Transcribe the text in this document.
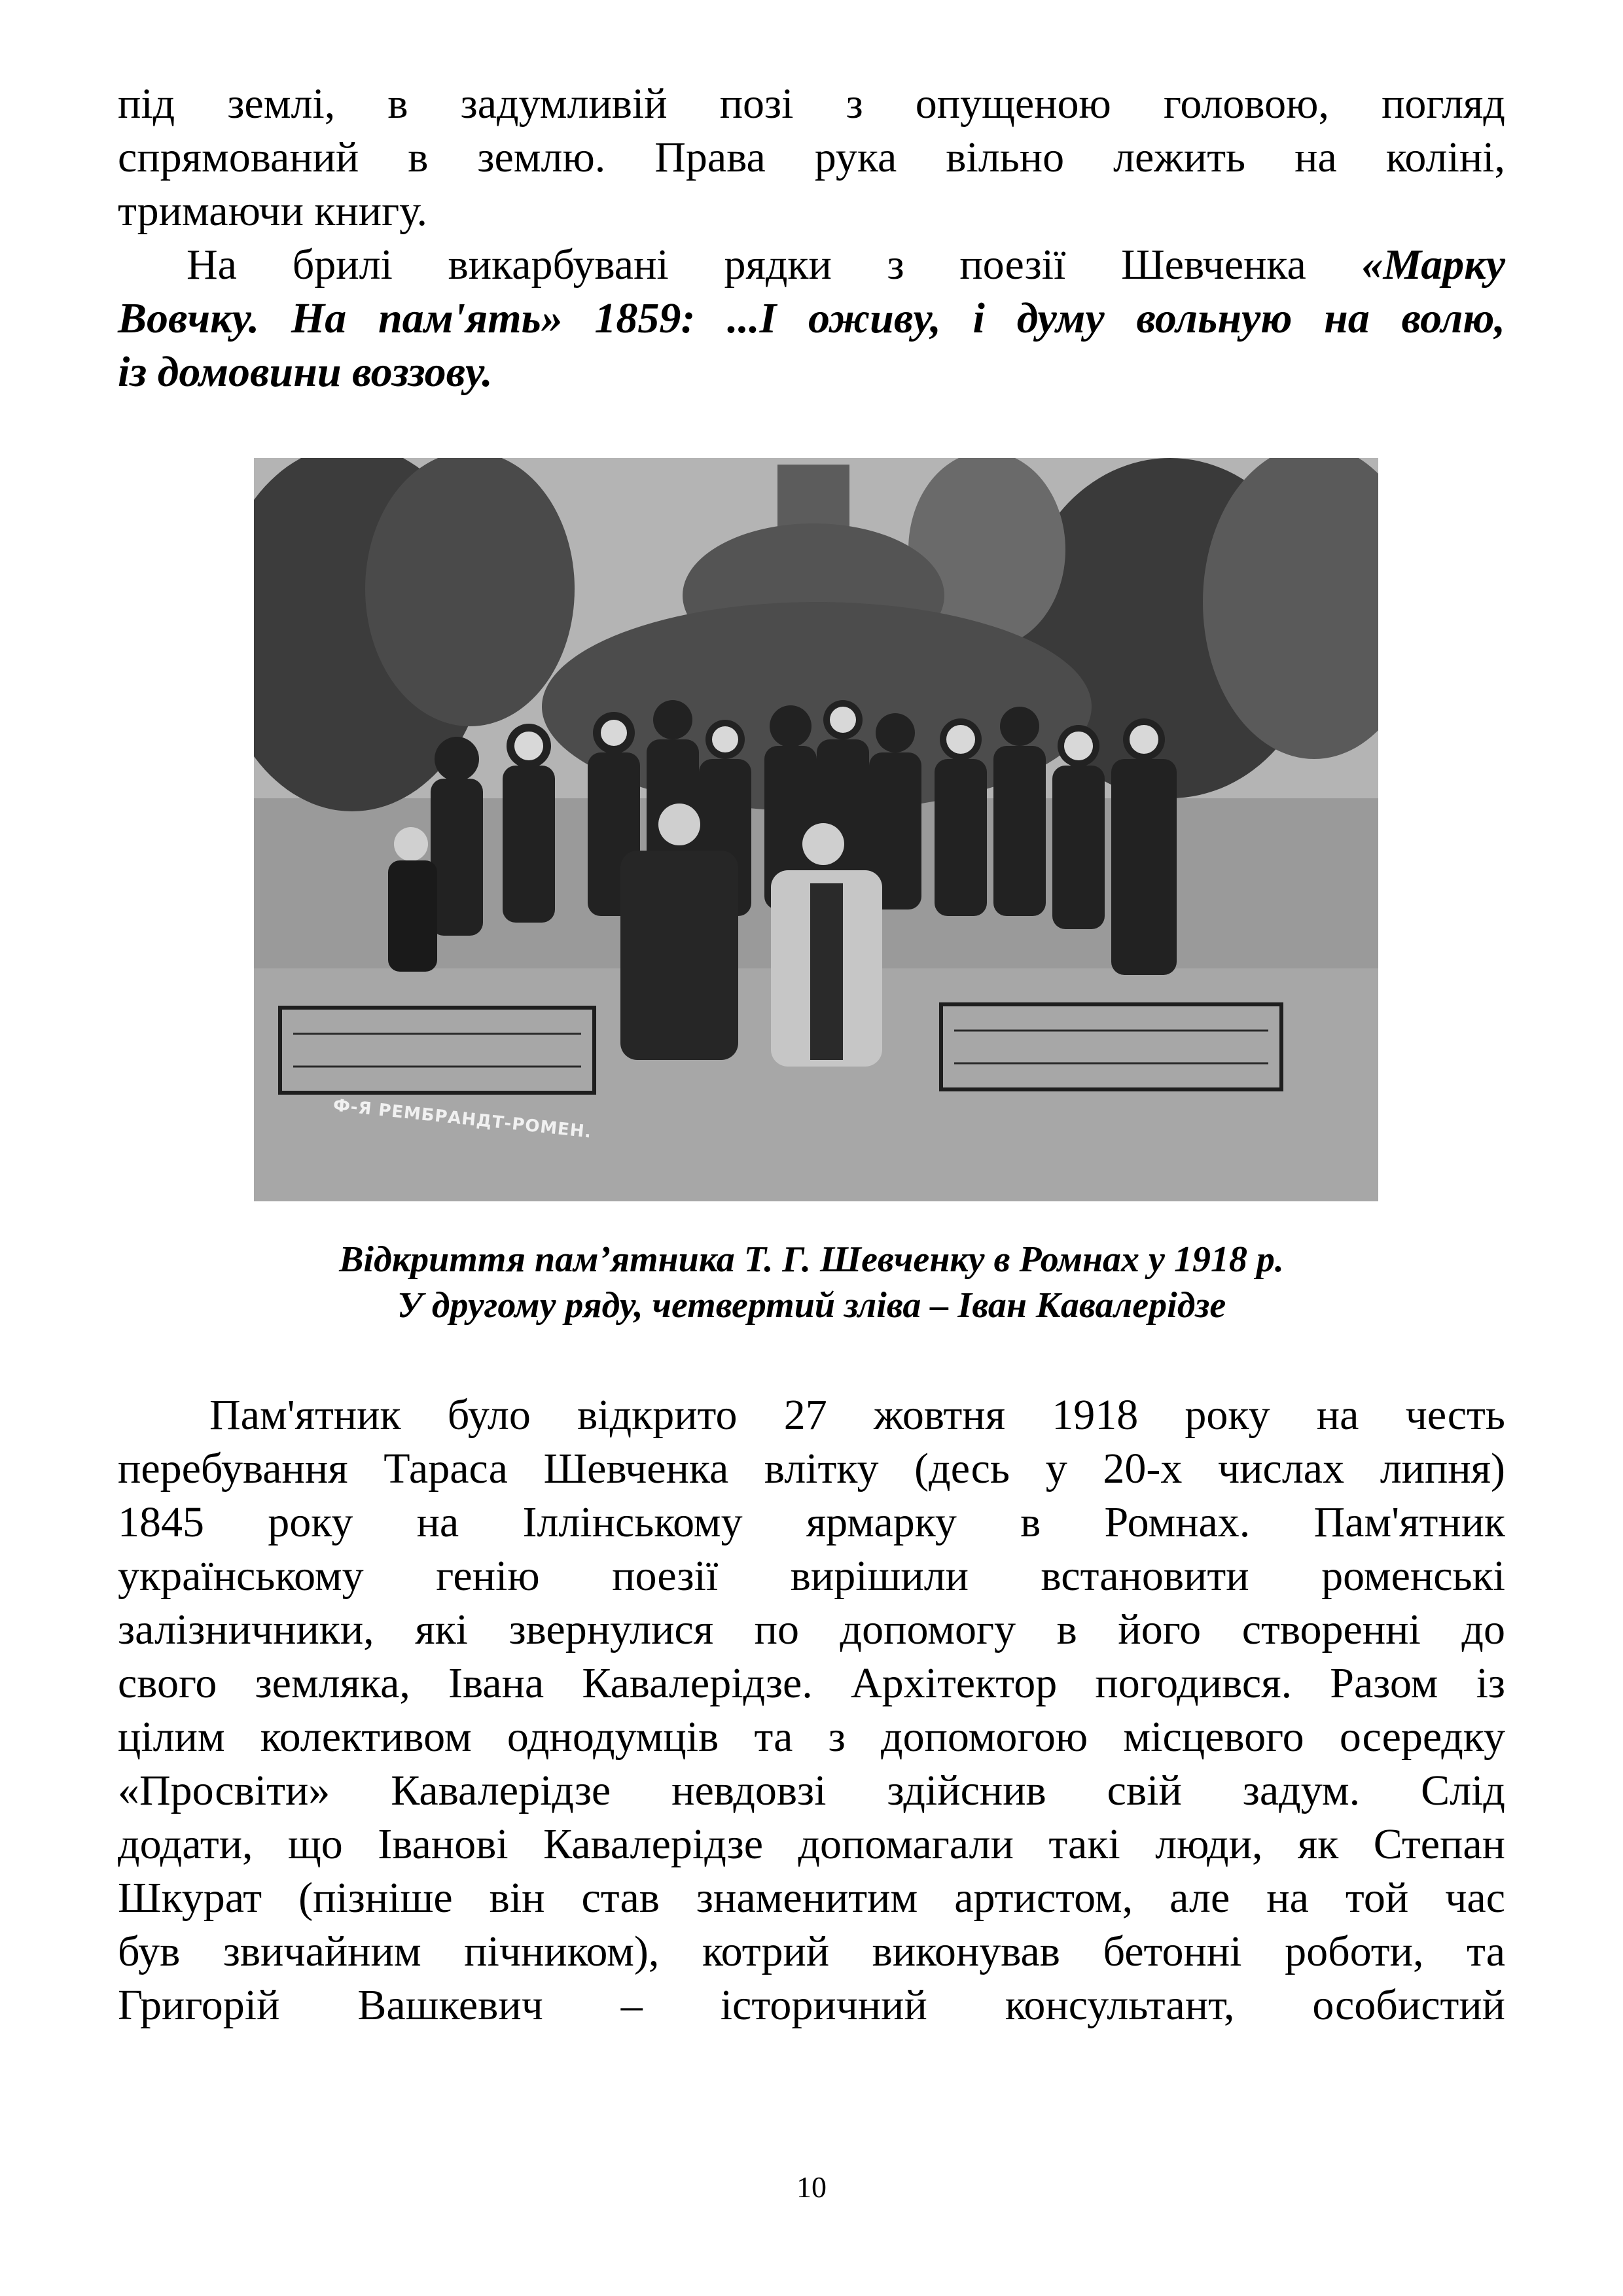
під землі, в задумливій позі з опущеною головою, погляд
спрямований в землю. Права рука вільно лежить на коліні,
тримаючи книгу.
На брилі викарбувані рядки з поезії Шевченка «Марку
Вовчку. На пам'ять» 1859: ...І оживу, і думу вольную на волю,
із домовини воззову.
Ф-Я РЕМБРАНДТ-РОМЕН.
Відкриття пам’ятника Т. Г. Шевченку в Ромнах у 1918 р.
У другому ряду, четвертий зліва – Іван Кавалерідзе
Пам'ятник було відкрито 27 жовтня 1918 року на честь
перебування Тараса Шевченка влітку (десь у 20-х числах липня)
1845 року на Іллінському ярмарку в Ромнах. Пам'ятник
українському генію поезії вирішили встановити роменські
залізничники, які звернулися по допомогу в його створенні до
свого земляка, Івана Кавалерідзе. Архітектор погодився. Разом із
цілим колективом однодумців та з допомогою місцевого осередку
«Просвіти» Кавалерідзе невдовзі здійснив свій задум. Слід
додати, що Іванові Кавалерідзе допомагали такі люди, як Степан
Шкурат (пізніше він став знаменитим артистом, але на той час
був звичайним пічником), котрий виконував бетонні роботи, та
Григорій Вашкевич – історичний консультант, особистий
10
